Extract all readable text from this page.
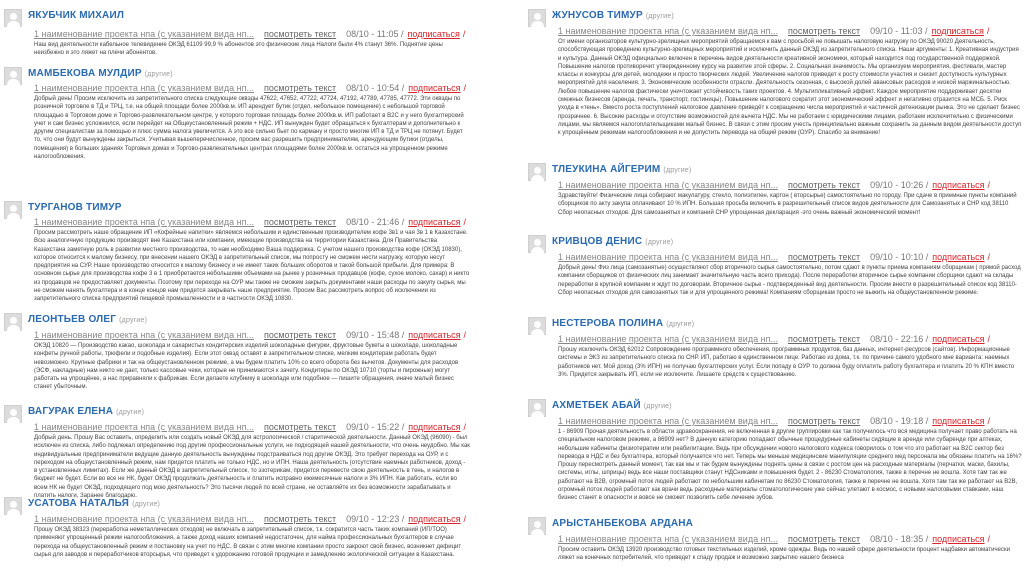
ЯКУБЧИК МИХАИЛ
1 наименование проекта нпа (с указанием вида нп... посмотреть текст 08/10 - 11:05 / подписаться /
Наш вид деятельности кабельное телевидение ОКЭД 61109 99,9 % абонентов это физические лица Налоги были 4% станут 36%. Поднятие цены неизбежно и это ляжет на плечи абонентов.
МАМБЕКОВА МУЛДИР (другие)
1 наименование проекта нпа (с указанием вида нп... посмотреть текст 08/10 - 10:54 / подписаться /
Добрый день! Просим исключить из запретительного списка следующие оквэды 47622, 47652, 47722, 47724, 47192, 47789, 47785, 47772. Эти оквэды по розничной торговле в ТД и ТРЦ, т.е. на общей площади более 2000кв.м. ИП арендует бутик (отдел, небольшое помещение) с небольшой торговой площадью в Торговом доме и Торгово-развлекательном центре, у которого торговая площадь более 2000кв.м. ИП работает в B2C и у него бухгалтерский учет и сам бизнес усложнился, если перейдет на Общеустановленный режим + НДС. ИП вынужден будет обращаться к бухгалтерам и дополнительно к другим специалистам за помощью и плюс сумма налога увеличится. А это все сильно бьет по карману и просто многие ИП в ТД и ТРЦ не потянут. Будет то, что они будут вынуждены закрыться. Учитывая вышеперечисленное, просим вас разрешить предпринимателям, арендующим бутики (отделы, помещения) в больших зданиях Торговых домах и Торгово-развлекательных центрах площадями более 2000кв.м. остаться на упрощенном режиме налогообложения.
ТУРГАНОВ ТИМУР
1 наименование проекта нпа (с указанием вида нп... посмотреть текст 08/10 - 21:46 / подписаться /
Просим рассмотреть наше обращение ИП «Кофейные напитки» являемся небольшим и единственным производителем кофе 3в1 и чая 3в 1 в Казахстане. Всю аналогичную продукцию производят вне Казахстана или компании, имеющие производства на территории Казахстана. Для Правительства Казахстана заметную роль в развитии местного производства, то нам необходимо Ваша поддержка. С учетом нашего производства кофе (ОКЭД 10830), которое относится к малому бизнесу, при внесении нашего ОКЭД в запретительный список, мы попросту не сможем нести нагрузку, которую несут предприятия на СУР. Наше производство относится к малому бизнесу и не имеет таких больших оборотов и такой большой прибыли. Для примера: В основном сырье для производства кофе 3 в 1 приобретается небольшими объемами на рынке у розничных продавцов (кофе, сухое молоко, сахар) и никто из продавцов не предоставляет документы. Поэтому при переходе на ОУР мы также не сможем закрыть документами наши расходы по закупу сырья, мы не сможем нанять бухгалтера и в конце концов нам придется закрывать наше предприятие. Просим Вас рассмотреть вопрос об исключении из запретительного списка предприятий пищевой промышленности и в частности ОКЭД 10830.
ЛЕОНТЬЕВ ОЛЕГ (другие)
1 наименование проекта нпа (с указанием вида нп... посмотреть текст 09/10 - 15:48 / подписаться /
ОКЭД 10820 — Производство какао, шоколада и сахаристых кондитерских изделий шоколадные фигурки, фруктовые букеты в шоколаде, шоколадные конфеты ручной работы, трюфели и подобные изделия). Если этот оквэд оставят в запретительном списке, мелким кондитерам работать будет невозможно. Крупные фабрики и так на общеустановленном режиме, а мы будем платить 10% со всего оборота без вычетов. Документы для расходов (ЭСФ, накладные) нам никто не дает, только кассовые чеки, которые не принимаются к зачету. Кондитеры по ОКЭД 10710 (торты и пирожные) могут работать на упрощёнке, а нас приравняли к фабрикам. Если делаете клубнику в шоколаде или подобное — пишите обращения, иначе малый бизнес станет убыточным.
ВАГУРАК ЕЛЕНА (другие)
1 наименование проекта нпа (с указанием вида нп... посмотреть текст 09/10 - 15:22 / подписаться /
Добрый день. Прошу Вас оставить, определить или создать новый ОКЭД для астрологической / старитической деятельности. Данный ОКЭД (96090) - был исключен из списка, либо подлежал определению под другие профессиональные услуги, не подходящей нашей деятельности, что очень неудобно. Мы как индивидуальные предприниматели ведущие данную деятельность вынуждены подстраиваться под другие ОКЭД. Это требует перехода на ОУР, и с переходом на общеустановленный режим, нам придется платить не только НДС, но и ИПН. Наша деятельность (отсутствие наемных работников, доход - в установленных лимитах). Если же данный ОКЭД в запретительный список, то эзотерикам, придется перевести свою деятельность в тень, и налогов в бюджет не будет. Если во все не НК, будет ОКЭД продолжать деятельность и платить исправно ежемесячные налоги и 3% ИПН. Как работать, если во всем НК не будет ОКЭД, подходящего под мою деятельность? Это тысячи людей по всей стране, не оставляйте их без возможности зарабатывать и платить налоги, Заранее благодарю.
УСАТОВА НАТАЛЬЯ (другие)
1 наименование проекта нпа (с указанием вида нп... посмотреть текст 09/10 - 12:23 / подписаться /
Прошу ОКЭД 38323 (переработка неметаллических отходов) не включать в запретительный список, т.к. сократится часть таких компаний (ИП/ТОО) применяют упрощенный режим налогообложения, а также доход наших компаний недостаточен, для найма профессиональных бухгалтеров в случае перехода на общеустановленный режим и постановку на учет по НДС. В связи с этим многие компании просто закроют свой бизнес, возникнет дефицит сырья для заводов и переработчиков вторсырья, что приведет к удорожанию готовой продукции и замедлению экологической ситуации в Казахстана.
ЖУНУСОВ ТИМУР (другие)
1 наименование проекта нпа (с указанием вида нп... посмотреть текст 09/10 - 11:03 / подписаться /
От имени организаторов культурно-зрелищных мероприятий обращаемся к вам с просьбой не повышать налоговую нагрузку по ОКЭД 90020 Деятельность, способствующая проведению культурно-зрелищных мероприятий и исключить данный ОКЭД из запретительного списка. Наши аргументы: 1. Креативная индустрия и культура. Данный ОКЭД официально включен в перечень видов деятельности креативной экономики, который находится под государственной поддержкой. Повышение налогов противоречит утвержденному курсу на развитие этой сферы. 2. Социальная значимость. Мы организуем мероприятия, фестивали, мастер классы и конкурсы для детей, молодежи и просто творческих людей. Увеличение налогов приведет к росту стоимости участия и снизит доступность культурных мероприятий для населения. 3. Экономические особенности отрасли. Деятельность сезонная, с высокой долей авансовых расходов и низкой маржинальностью. Любое повышение налогов фактически уничтожает устойчивость таких проектов. 4. Мультипликативный эффект. Каждое мероприятие поддерживает десятки смежных бизнесов (аренда, печать, транспорт, гостиницы). Повышение налогового сократит этот экономический эффект и негативно отразится на МСБ. 5. Риск ухода в «тень». Вместо роста поступлений налоговое давление приведёт к сокращению числа мероприятий и частичной детенизации рынка. Это не сделает бизнес прозрачнее. 6. Высокие расходы и отсутствие возможностей для вычета НДС. Мы не работаем с юридическими лицами, работаем исключительно с физическими лицами, мы являемся налогоплательщиками малый бизнес. В связи с этим просим учесть принципиально важным сохранить за данным видом деятельности доступ к упрощённым режимам налогообложения и не допустить перевода на общий режим (ОУР). Спасибо за внимание!
ТЛЕУКИНА АЙГЕРИМ (другие)
1 наименование проекта нпа (с указанием вида нп... посмотреть текст 09/10 - 10:26 / подписаться /
Здравствуйте! Физические лица собирают макулатуру, стекло, полиэтилен, картон ( вторсырье) самостоятельно по городу. При сдаче в приемные пункты компаний сборщиков по акту закупа оплачивают 10 % ИПН. Большая просьба включить в разрешительный список видов деятельности для Самозанятых и СНР код 38110 Сбор неопасных отходов. Для самозанятых и компаний СНР упрощенная декларация -это очень важный экономический момент!
КРИВЦОВ ДЕНИС (другие)
1 наименование проекта нпа (с указанием вида нп... посмотреть текст 09/10 - 10:10 / подписаться /
Добрый день! Физ лица (самозанятые) осуществляют сбор вторичного сырья самостоятельно, потом сдают в пункты приема компаниям сборщикам ( прямой расход компании сборщиков от физических лиц занимает значительную часть всего прихода). После переработки вторичное сырье компании сборщики сдают на склады переработки в крупной компании и ждут по договорам. Вторичное сырье - подтвержденный вид деятельности. Просим внести в разрешительный список код 38110- Сбор неопасных отходов для самозанятых так и для упрощенного режима! Компаниям сборщикам просто не выжить на общеустановленном режиме.
НЕСТЕРОВА ПОЛИНА (другие)
1 наименование проекта нпа (с указанием вида нп... посмотреть текст 08/10 - 22:16 / подписаться /
Прошу исключить ОКЭД 62012 Сопровождение программного обеспечения, программных продуктов, баз данных, интернет-ресурсов (сайтов). Информационные системы и ЭКЗ из запретительного списка по СНР. ИП, работаю в единственном лице. Работаю из дома, т.к. по причине самого удобного мне варианта: наемных работников нет. Мой доход (3% ИПН) не получаю бухгалтерских услуг. Если попаду в ОУР то должна буду оплатить работу бухгалтера и платить 20 % КПН вместо 3%. Придется закрывать ИП, если не исключите. Лишаете средств к существованию.
АХМЕТБЕК АБАЙ (другие)
1 наименование проекта нпа (с указанием вида нп... посмотреть текст 08/10 - 19:18 / подписаться /
1 - 86909 Прочая деятельность в области здравоохранения, не включенная в другие группировки как так получилось что вся медицина получает право работать на специальном налоговом режиме, а 86909 нет? В данную категорию попадают обычные процедурные кабинеты сидящие в аренде или субаренде при аптеках, небольшие кабинеты физиотерапии или реабилитации. Ведь при обсуждении нового налогового кодекса говорилось о том что это работает на B2C сектор без перевода в НДС и без бухгалтера, который получается что нет. Теперь мы меньше медицинские манипуляции среднего мед персонала мы обязаны платить на 16%? Прошу пересмотреть данный момент, так как мы и так будем вынуждены поднять цены в связи с ростом цен на расходные материалы (перчатки, маски, бахилы, системы, иглы, шприцы) ведь все наши поставщики станут НДСниками и повышения будет. 2 - 86230 Стоматология, также в перечне не вошла. Хотя там так же работают на B2B, огромный поток людей работают по небольшим кабинетам по 86230 Стоматология, также в перечне не вошла. Хотя там так же работают на B2B, огромный поток людей работают как врачи ведь расходные материалы стоматологические уже сейчас улетают в космос, с новыми налоговыми ставками, наш бизнес станет в опасности и вовсе не сможет позволить себе лечение зубов.
АРЫСТАНБЕКОВА АРДАНА
1 наименование проекта нпа (с указанием вида нп... посмотреть текст 08/10 - 18:35 / подписаться /
Просим оставить ОКЭД 13920 производство готовых текстильных изделий, кроме одежды. Ведь по нашей сфере деятельности процент надбавки автоматически ляжет на конечных потребителей, что приведет к спаду продаж и возможно закрытию нашего бизнеса
